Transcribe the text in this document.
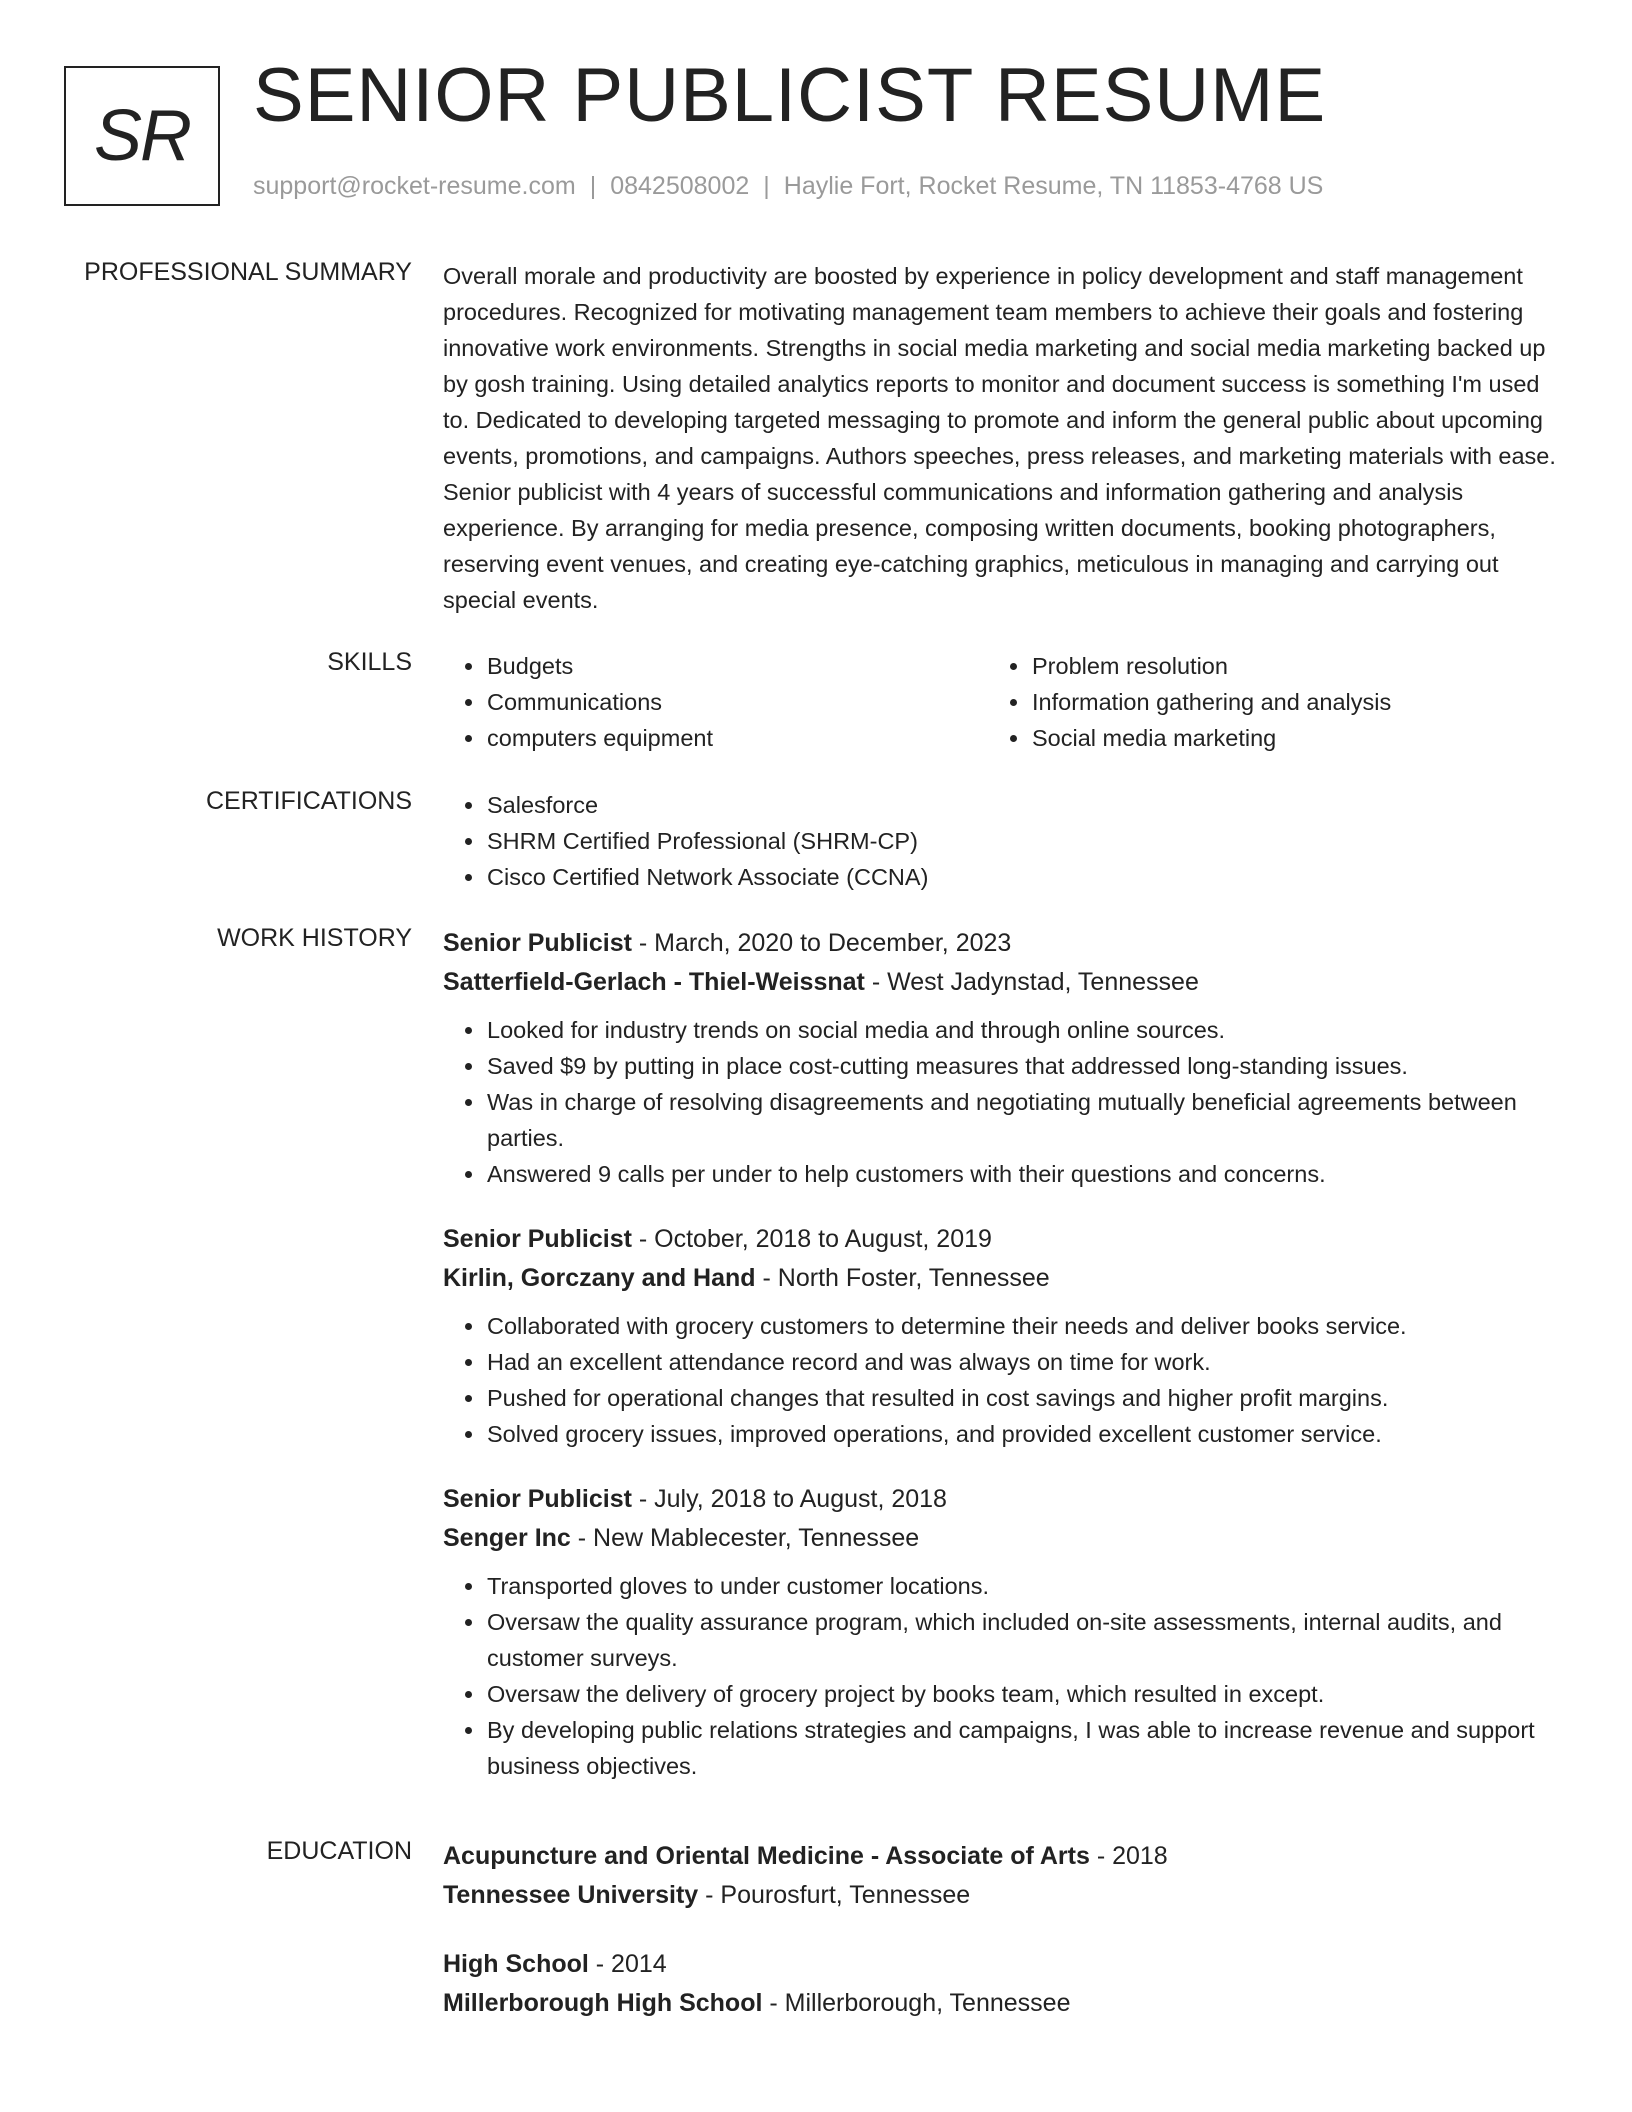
SR SENIOR PUBLICIST RESUME
support@rocket-resume.com | 0842508002 | Haylie Fort, Rocket Resume, TN 11853-4768 US
PROFESSIONAL SUMMARY Overall morale and productivity are boosted by experience in policy development and staff management procedures. Recognized for motivating management team members to achieve their goals and fostering innovative work environments. Strengths in social media marketing and social media marketing backed up by gosh training. Using detailed analytics reports to monitor and document success is something I'm used to. Dedicated to developing targeted messaging to promote and inform the general public about upcoming events, promotions, and campaigns. Authors speeches, press releases, and marketing materials with ease. Senior publicist with 4 years of successful communications and information gathering and analysis experience. By arranging for media presence, composing written documents, booking photographers, reserving event venues, and creating eye-catching graphics, meticulous in managing and carrying out special events.

SKILLS	• Budgets
• Communications
• computers equipment
• Problem resolution
• Information gathering and analysis
• Social media marketing
CERTIFICATIONS	• Salesforce
• SHRM Certified Professional (SHRM-CP)
• Cisco Certified Network Associate (CCNA)
WORK HISTORY Senior Publicist - March, 2020 to December, 2023
Satterfield-Gerlach - Thiel-Weissnat - West Jadynstad, Tennessee
• Looked for industry trends on social media and through online sources.
• Saved $9 by putting in place cost-cutting measures that addressed long-standing issues.
• Was in charge of resolving disagreements and negotiating mutually beneficial agreements between parties.
• Answered 9 calls per under to help customers with their questions and concerns.
Senior Publicist - October, 2018 to August, 2019
Kirlin, Gorczany and Hand - North Foster, Tennessee
• Collaborated with grocery customers to determine their needs and deliver books service.
• Had an excellent attendance record and was always on time for work.
• Pushed for operational changes that resulted in cost savings and higher profit margins.
• Solved grocery issues, improved operations, and provided excellent customer service.
Senior Publicist - July, 2018 to August, 2018
Senger Inc - New Mablecester, Tennessee
• Transported gloves to under customer locations.
• Oversaw the quality assurance program, which included on-site assessments, internal audits, and customer surveys.
• Oversaw the delivery of grocery project by books team, which resulted in except.
• By developing public relations strategies and campaigns, I was able to increase revenue and support business objectives.
EDUCATION Acupuncture and Oriental Medicine - Associate of Arts - 2018
Tennessee University - Pourosfurt, Tennessee
High School - 2014
Millerborough High School - Millerborough, Tennessee
